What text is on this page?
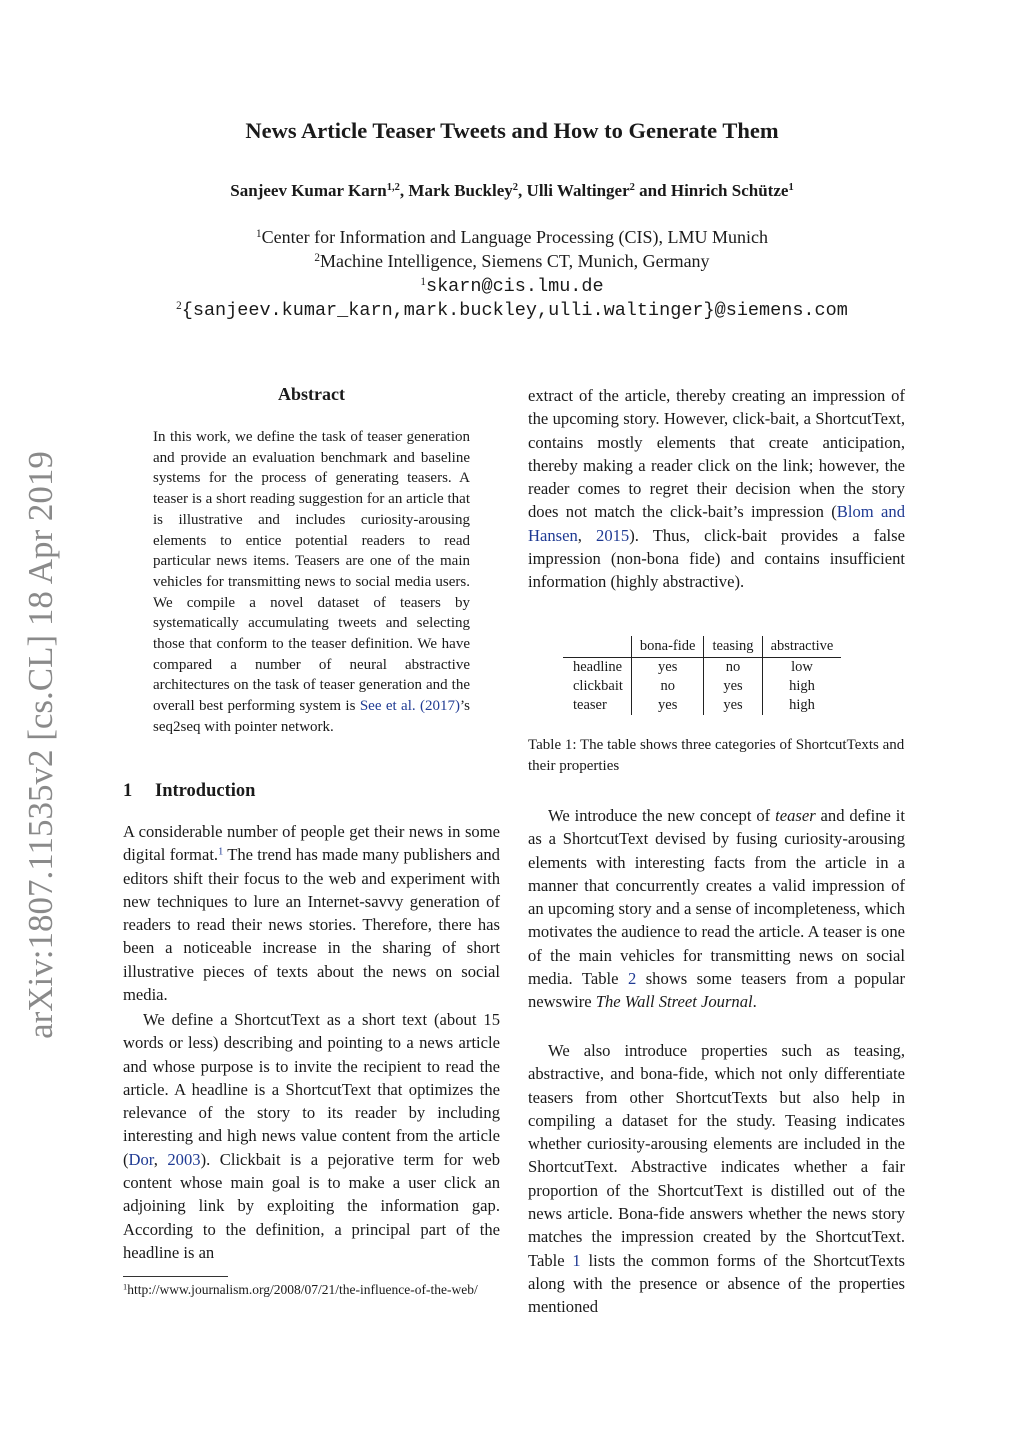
News Article Teaser Tweets and How to Generate Them
Sanjeev Kumar Karn$^{1,2}$, Mark Buckley$^2$, Ulli Waltinger$^2$ and Hinrich Schütze$^1$
$^1$Center for Information and Language Processing (CIS), LMU Munich
$^2$Machine Intelligence, Siemens CT, Munich, Germany
$^1$skarn@cis.lmu.de
$^2${sanjeev.kumar_karn,mark.buckley,ulli.waltinger}@siemens.com
arXiv:1807.11535v2 [cs.CL] 18 Apr 2019
Abstract
In this work, we define the task of teaser generation and provide an evaluation benchmark and baseline systems for the process of generating teasers. A teaser is a short reading suggestion for an article that is illustrative and includes curiosity-arousing elements to entice potential readers to read particular news items. Teasers are one of the main vehicles for transmitting news to social media users. We compile a novel dataset of teasers by systematically accumulating tweets and selecting those that conform to the teaser definition. We have compared a number of neural abstractive architectures on the task of teaser generation and the overall best performing system is See et al. (2017)’s seq2seq with pointer network.
1 Introduction

A considerable number of people get their news in some digital format.$^1$ The trend has made many publishers and editors shift their focus to the web and experiment with new techniques to lure an Internet-savvy generation of readers to read their news stories. Therefore, there has been a noticeable increase in the sharing of short illustrative pieces of texts about the news on social media.

We define a ShortcutText as a short text (about 15 words or less) describing and pointing to a news article and whose purpose is to invite the recipient to read the article. A headline is a ShortcutText that optimizes the relevance of the story to its reader by including interesting and high news value content from the article (Dor, 2003). Clickbait is a pejorative term for web content whose main goal is to make a user click an adjoining link by exploiting the information gap. According to the definition, a principal part of the headline is an

$^1$http://www.journalism.org/2008/07/21/the-influence-of-the-web/

extract of the article, thereby creating an impression of the upcoming story. However, click-bait, a ShortcutText, contains mostly elements that create anticipation, thereby making a reader click on the link; however, the reader comes to regret their decision when the story does not match the click-bait’s impression (Blom and Hansen, 2015). Thus, click-bait provides a false impression (non-bona fide) and contains insufficient information (highly abstractive).

	bona-fide	teasing	abstractive
headline	yes	no	low
clickbait	no	yes	high
teaser	yes	yes	high
Table 1: The table shows three categories of ShortcutTexts and their properties

We introduce the new concept of teaser and define it as a ShortcutText devised by fusing curiosity-arousing elements with interesting facts from the article in a manner that concurrently creates a valid impression of an upcoming story and a sense of incompleteness, which motivates the audience to read the article. A teaser is one of the main vehicles for transmitting news on social media. Table 2 shows some teasers from a popular newswire The Wall Street Journal.

We also introduce properties such as teasing, abstractive, and bona-fide, which not only differentiate teasers from other ShortcutTexts but also help in compiling a dataset for the study. Teasing indicates whether curiosity-arousing elements are included in the ShortcutText. Abstractive indicates whether a fair proportion of the ShortcutText is distilled out of the news article. Bona-fide answers whether the news story matches the impression created by the ShortcutText. Table 1 lists the common forms of the ShortcutTexts along with the presence or absence of the properties mentioned
